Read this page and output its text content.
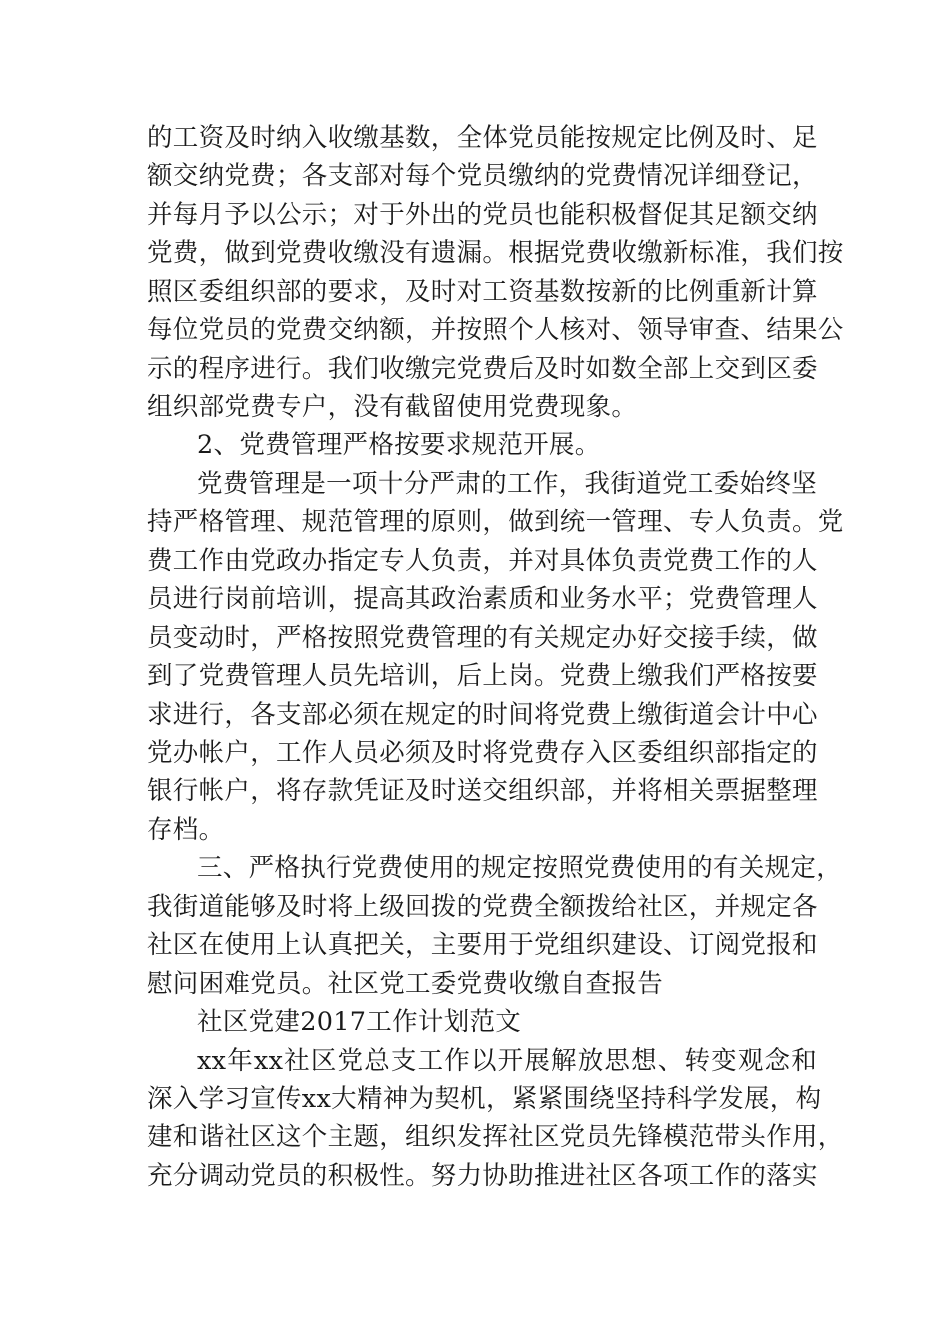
的工资及时纳入收缴基数，全体党员能按规定比例及时、足
额交纳党费；各支部对每个党员缴纳的党费情况详细登记，
并每月予以公示；对于外出的党员也能积极督促其足额交纳
党费，做到党费收缴没有遗漏。根据党费收缴新标准，我们按
照区委组织部的要求，及时对工资基数按新的比例重新计算
每位党员的党费交纳额，并按照个人核对、领导审查、结果公
示的程序进行。我们收缴完党费后及时如数全部上交到区委
组织部党费专户，没有截留使用党费现象。
2、党费管理严格按要求规范开展。
党费管理是一项十分严肃的工作，我街道党工委始终坚
持严格管理、规范管理的原则，做到统一管理、专人负责。党
费工作由党政办指定专人负责，并对具体负责党费工作的人
员进行岗前培训，提高其政治素质和业务水平；党费管理人
员变动时，严格按照党费管理的有关规定办好交接手续，做
到了党费管理人员先培训，后上岗。党费上缴我们严格按要
求进行，各支部必须在规定的时间将党费上缴街道会计中心
党办帐户，工作人员必须及时将党费存入区委组织部指定的
银行帐户，将存款凭证及时送交组织部，并将相关票据整理
存档。
三、严格执行党费使用的规定按照党费使用的有关规定，
我街道能够及时将上级回拨的党费全额拨给社区，并规定各
社区在使用上认真把关，主要用于党组织建设、订阅党报和
慰问困难党员。社区党工委党费收缴自查报告
社区党建2017工作计划范文
xx年xx社区党总支工作以开展解放思想、转变观念和
深入学习宣传xx大精神为契机，紧紧围绕坚持科学发展，构
建和谐社区这个主题，组织发挥社区党员先锋模范带头作用，
充分调动党员的积极性。努力协助推进社区各项工作的落实
